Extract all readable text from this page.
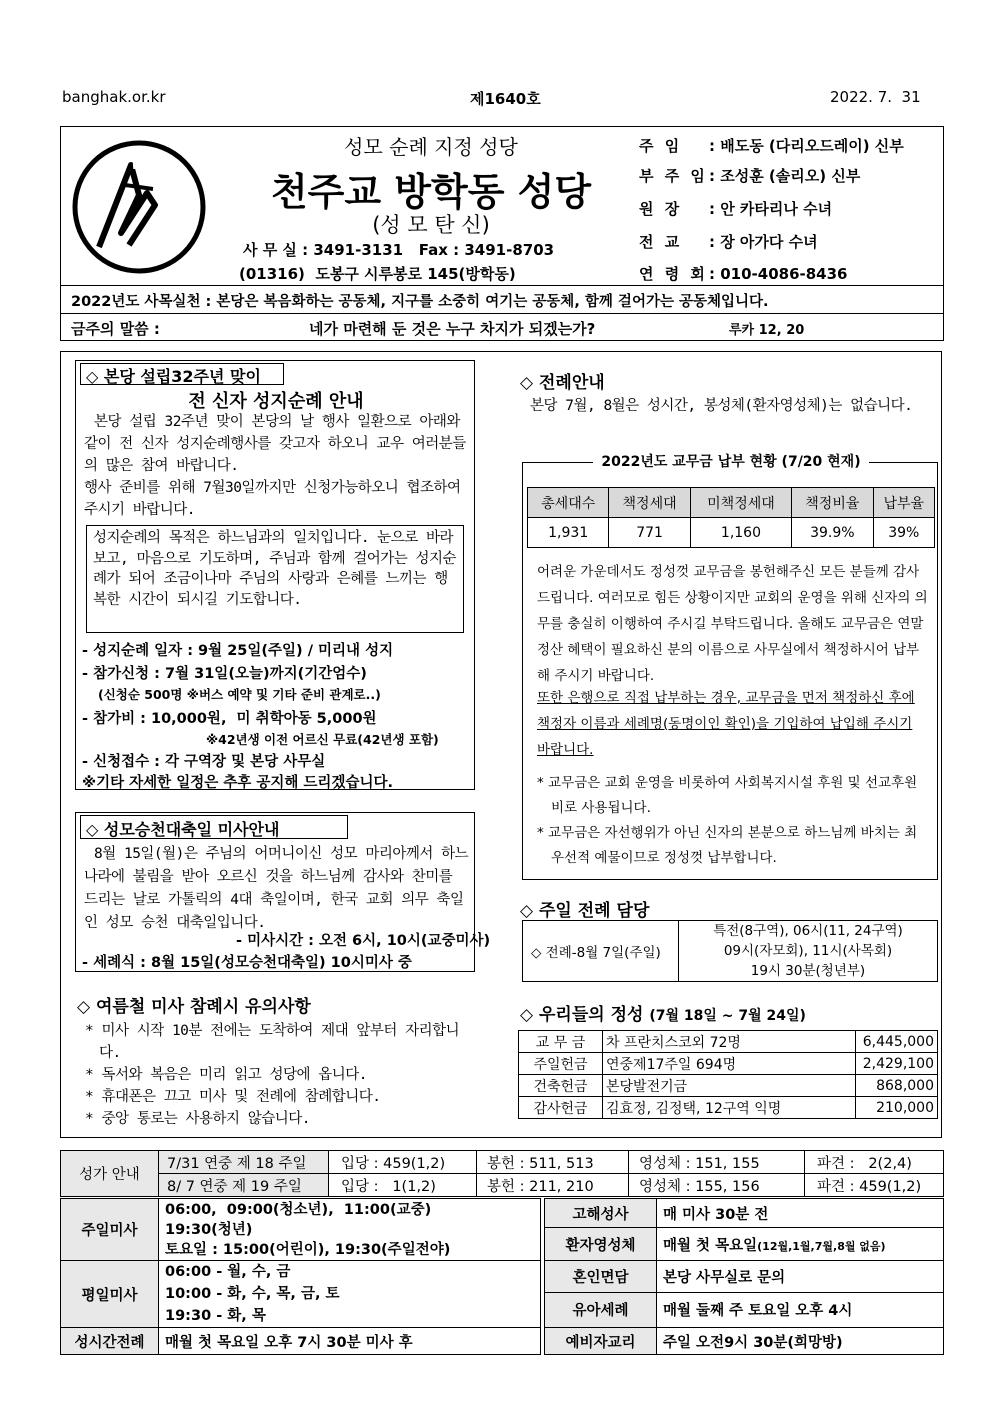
banghak.or.kr	제1640호	2022. 7.  31
성모 순례 지정 성당
천주교 방학동 성당
(성 모 탄 신)
사 무 실 : 3491-3131   Fax : 3491-8703
(01316)  도봉구 시루봉로 145(방학동)
주 임 : 배도동 (다리오드레이) 신부
부 주 임: 조성훈 (솔리오) 신부
원 장 : 안 카타리나 수녀
전 교 : 장 아가다 수녀
연 령 회: 010-4086-8436
2022년도 사목실천 : 본당은 복음화하는 공동체, 지구를 소중히 여기는 공동체, 함께 걸어가는 공동체입니다.
금주의 말씀 :	네가 마련해 둔 것은 누구 차지가 되겠는가?	루카 12, 20
◇ 본당 설립32주년 맞이
전 신자 성지순례 안내
본당 설립 32주년 맞이 본당의 날 행사 일환으로 아래와 같이 전 신자 성지순례행사를 갖고자 하오니 교우 여러분들의 많은 참여 바랍니다.
행사 준비를 위해 7월30일까지만 신청가능하오니 협조하여 주시기 바랍니다.
성지순례의 목적은 하느님과의 일치입니다. 눈으로 바라보고, 마음으로 기도하며, 주님과 함께 걸어가는 성지순례가 되어 조금이나마 주님의 사랑과 은혜를 느끼는 행복한 시간이 되시길 기도합니다.
- 성지순례 일자 : 9월 25일(주일) / 미리내 성지
- 참가신청 : 7월 31일(오늘)까지(기간엄수)
(신청순 500명 ※버스 예약 및 기타 준비 관계로..)
- 참가비 : 10,000원,  미 취학아동 5,000원
※42년생 이전 어르신 무료(42년생 포함)
- 신청접수 : 각 구역장 및 본당 사무실
※기타 자세한 일정은 추후 공지해 드리겠습니다.
◇ 성모승천대축일 미사안내
8월 15일(월)은 주님의 어머니이신 성모 마리아께서 하느나라에 불림을 받아 오르신 것을 하느님께 감사와 찬미를 드리는 날로 가톨릭의 4대 축일이며, 한국 교회 의무 축일인 성모 승천 대축일입니다.
- 미사시간 : 오전 6시, 10시(교중미사)
- 세례식 : 8월 15일(성모승천대축일) 10시미사 중
◇ 여름철 미사 참례시 유의사항
* 미사 시작 10분 전에는 도착하여 제대 앞부터 자리합니다.
* 독서와 복음은 미리 읽고 성당에 옵니다.
* 휴대폰은 끄고 미사 및 전례에 참례합니다.
* 중앙 통로는 사용하지 않습니다.
◇ 전례안내
본당 7월, 8월은 성시간, 봉성체(환자영성체)는 없습니다.
2022년도 교무금 납부 현황 (7/20 현재)
총세대수	책정세대	미책정세대	책정비율	납부율
1,931	771	1,160	39.9%	39%
어려운 가운데서도 정성껏 교무금을 봉헌해주신 모든 분들께 감사드립니다. 여러모로 힘든 상황이지만 교회의 운영을 위해 신자의 의무를 충실히 이행하여 주시길 부탁드립니다. 올해도 교무금은 연말정산 혜택이 필요하신 분의 이름으로 사무실에서 책정하시어 납부해 주시기 바랍니다.
또한 은행으로 직접 납부하는 경우, 교무금을 먼저 책정하신 후에 책정자 이름과 세례명(동명이인 확인)을 기입하여 납입해 주시기 바랍니다.
* 교무금은 교회 운영을 비롯하여 사회복지시설 후원 및 선교후원비로 사용됩니다.
* 교무금은 자선행위가 아닌 신자의 본분으로 하느님께 바치는 최우선적 예물이므로 정성껏 납부합니다.
◇ 주일 전례 담당
◇ 전례-8월 7일(주일)	
특전(8구역), 06시(11, 24구역)
09시(자모회), 11시(사목회)
19시 30분(청년부)
◇ 우리들의 정성 (7월 18일 ~ 7월 24일)
교 무 금	차 프란치스코외 72명	6,445,000
주일헌금	연중제17주일 694명	2,429,100
건축헌금	본당발전기금	868,000
감사헌금	김효정, 김정택, 12구역 익명	210,000
성가 안내	7/31 연중 제 18 주일	입당 : 459(1,2)	봉헌 : 511, 513	영성체 : 151, 155	파견 :   2(2,4)
	8/ 7 연중 제 19 주일	입당 :   1(1,2)	봉헌 : 211, 210	영성체 : 155, 156	파견 : 459(1,2)
주일미사	06:00,  09:00(청소년),  11:00(교중)
19:30(청년)
토요일 : 15:00(어린이), 19:30(주일전야)		고해성사	매 미사 30분 전
			환자영성체	매월 첫 목요일(12월,1월,7월,8월 없음)
평일미사	06:00 - 월, 수, 금
10:00 - 화, 수, 목, 금, 토
19:30 - 화, 목		혼인면담	본당 사무실로 문의
			유아세례	매월 둘째 주 토요일 오후 4시
성시간전례	매월 첫 목요일 오후 7시 30분 미사 후		예비자교리	주일 오전9시 30분(희망방)
